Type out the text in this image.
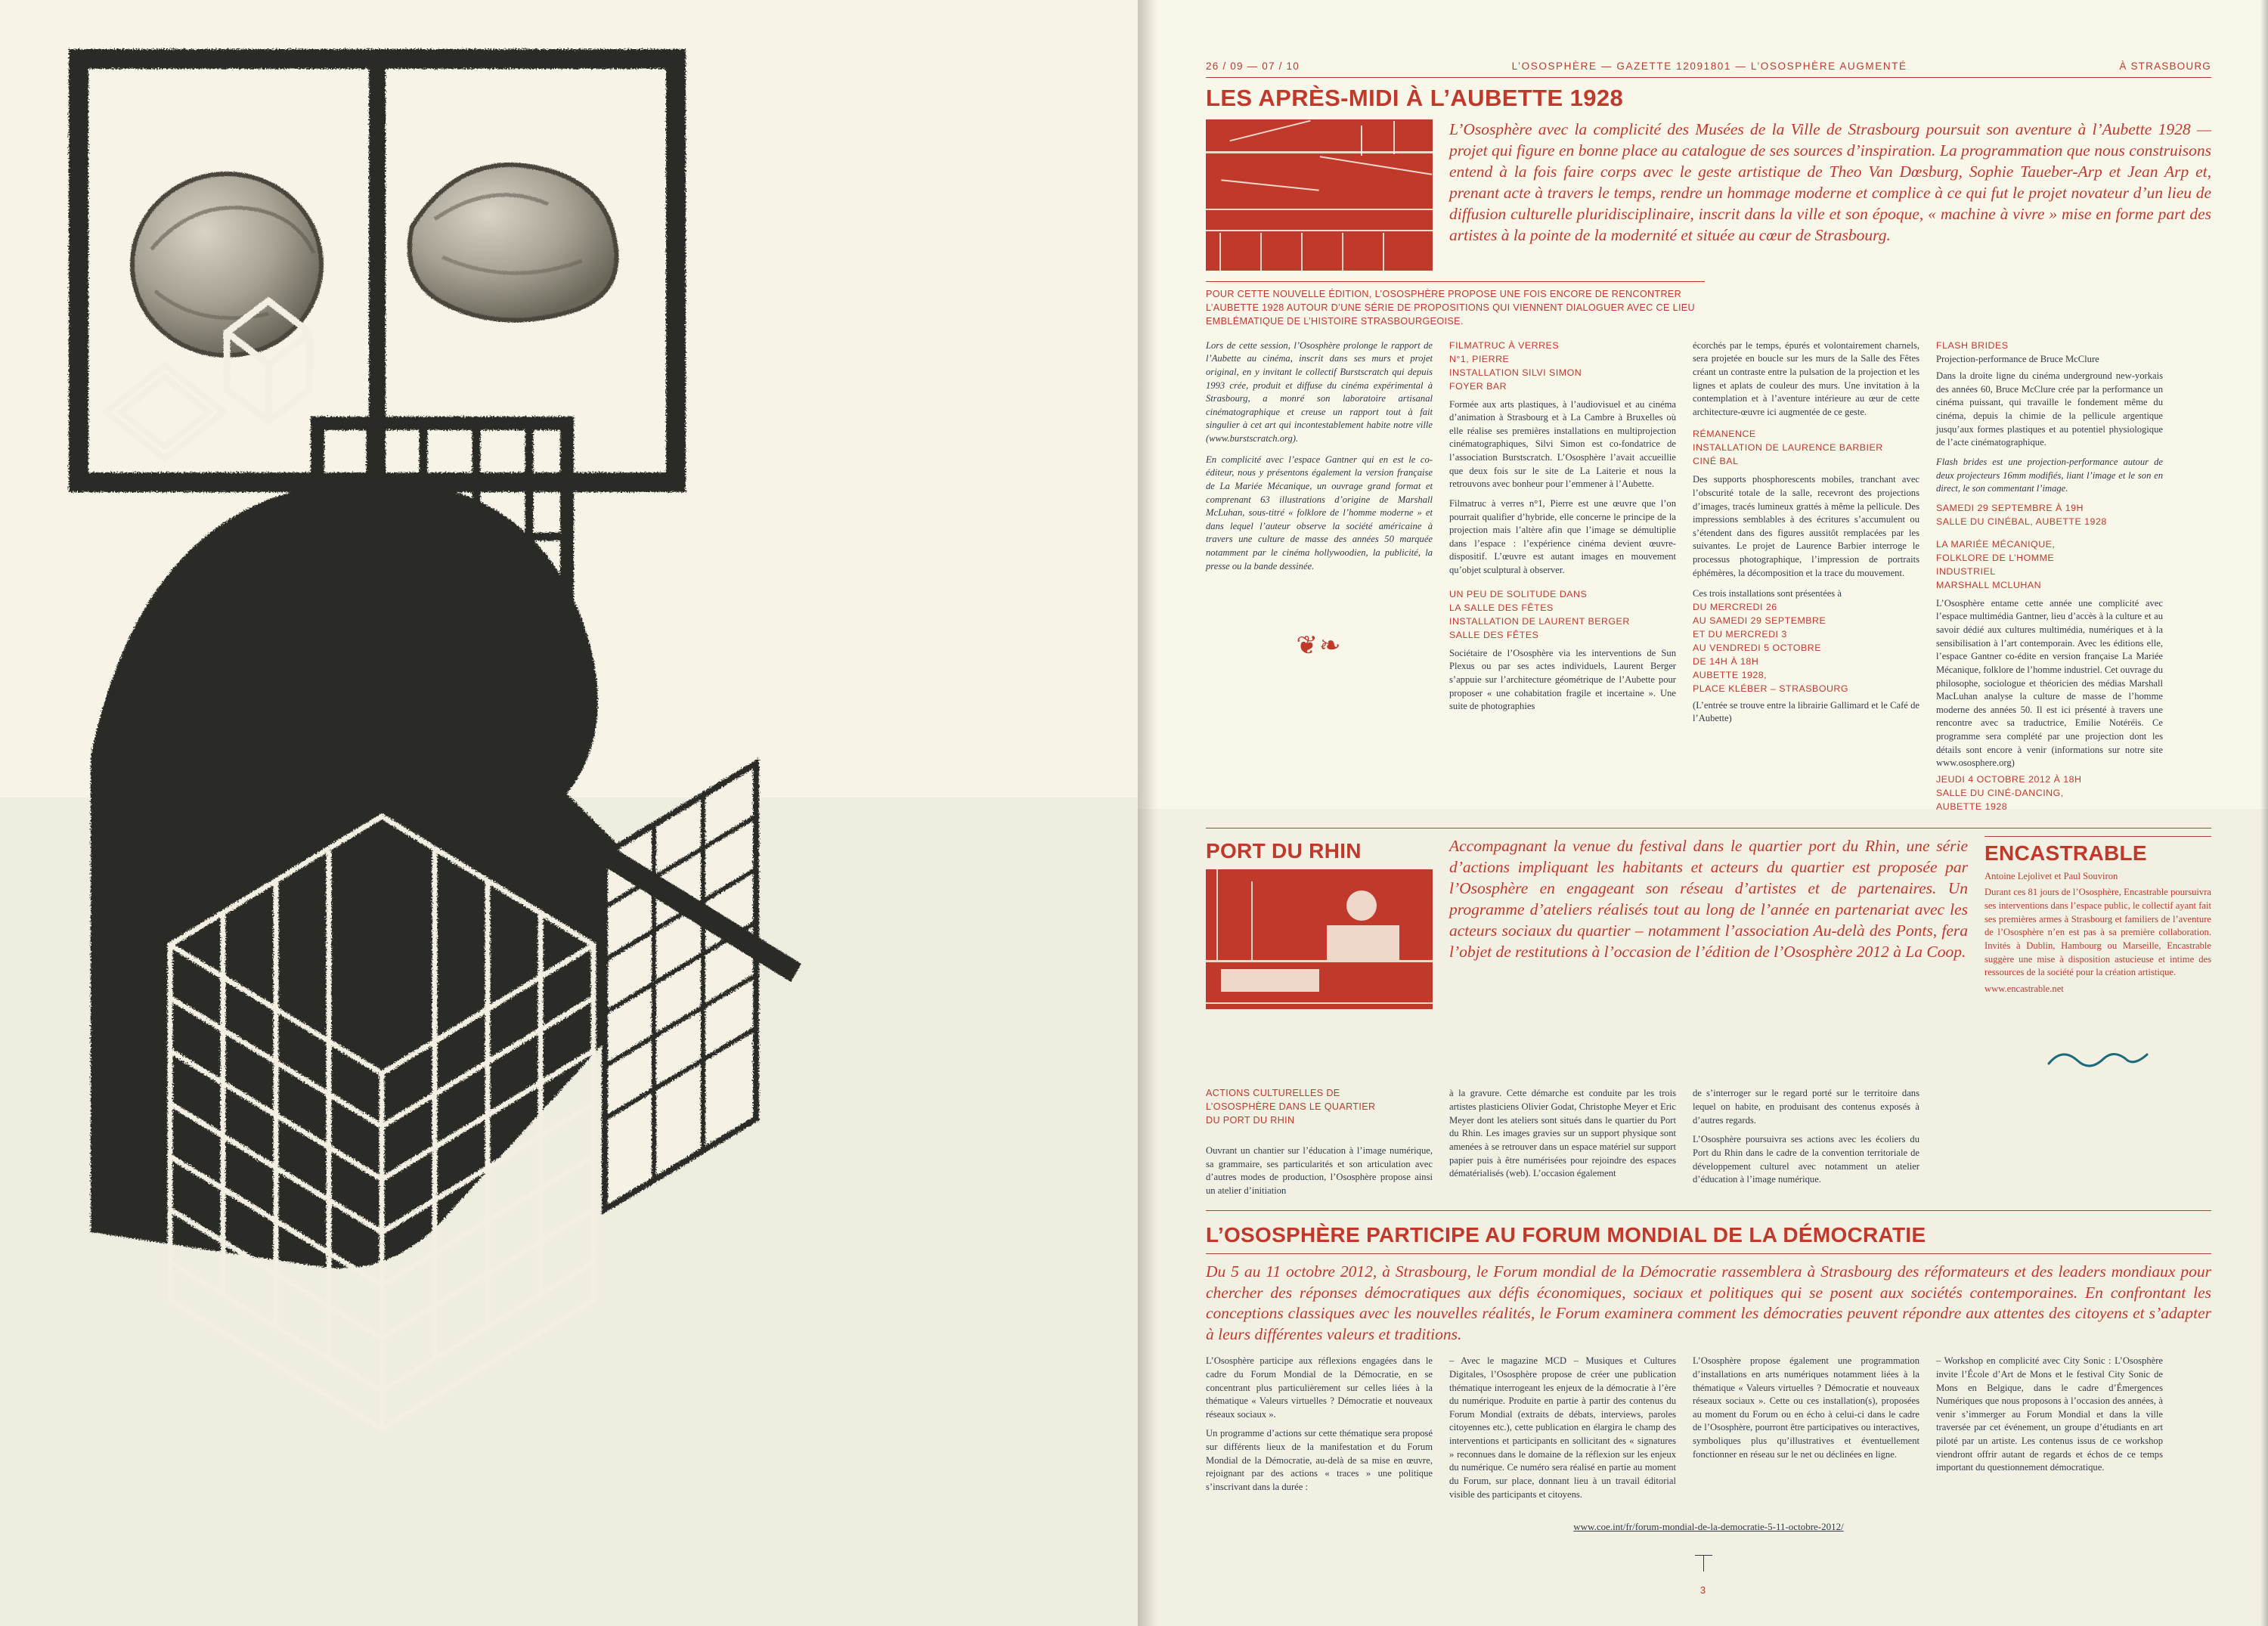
26 / 09 — 07 / 10	L’OSOSPHÈRE — GAZETTE 12091801 — L’OSOSPHÈRE AUGMENTÉ	À STRASBOURG
LES APRÈS-MIDI À L’AUBETTE 1928
L’Ososphère avec la complicité des Musées de la Ville de Strasbourg poursuit son aventure à l’Aubette 1928 — projet qui figure en bonne place au catalogue de ses sources d’inspiration. La programmation que nous construisons entend à la fois faire corps avec le geste artistique de Theo Van Dœsburg, Sophie Taueber-Arp et Jean Arp et, prenant acte à travers le temps, rendre un hommage moderne et complice à ce qui fut le projet novateur d’un lieu de diffusion culturelle pluridisciplinaire, inscrit dans la ville et son époque, « machine à vivre » mise en forme part des artistes à la pointe de la modernité et située au cœur de Strasbourg.
POUR CETTE NOUVELLE ÉDITION, L’OSOSPHÈRE PROPOSE UNE FOIS ENCORE DE RENCONTRER L’AUBETTE 1928 AUTOUR D’UNE SÉRIE DE PROPOSITIONS QUI VIENNENT DIALOGUER AVEC CE LIEU EMBLÉMATIQUE DE L’HISTOIRE STRASBOURGEOISE.
Lors de cette session, l’Ososphère prolonge le rapport de l’Aubette au cinéma, inscrit dans ses murs et projet original, en y invitant le collectif Burstscratch qui depuis 1993 crée, produit et diffuse du cinéma expérimental à Strasbourg, a monré son laboratoire artisanal cinématographique et creuse un rapport tout à fait singulier à cet art qui incontestablement habite notre ville (www.burstscratch.org).
En complicité avec l’espace Gantner qui en est le co-éditeur, nous y présentons également la version française de La Mariée Mécanique, un ouvrage grand format et comprenant 63 illustrations d’origine de Marshall McLuhan, sous-titré « folklore de l’homme moderne » et dans lequel l’auteur observe la société américaine à travers une culture de masse des années 50 marquée notamment par le cinéma hollywoodien, la publicité, la presse ou la bande dessinée.
❦❧
FILMATRUC À VERRES
N°1, PIERRE
INSTALLATION SILVI SIMON
FOYER BAR
Formée aux arts plastiques, à l’audiovisuel et au cinéma d’animation à Strasbourg et à La Cambre à Bruxelles où elle réalise ses premières installations en multiprojection cinématographiques, Silvi Simon est co-fondatrice de l’association Burstscratch. L’Ososphère l’avait accueillie que deux fois sur le site de La Laiterie et nous la retrouvons avec bonheur pour l’emmener à l’Aubette.
Filmatruc à verres n°1, Pierre est une œuvre que l’on pourrait qualifier d’hybride, elle concerne le principe de la projection mais l’altère afin que l’image se démultiplie dans l’espace : l’expérience cinéma devient œuvre-dispositif. L’œuvre est autant images en mouvement qu’objet sculptural à observer.
UN PEU DE SOLITUDE DANS
LA SALLE DES FÊTES
INSTALLATION DE LAURENT BERGER
SALLE DES FÊTES
Sociétaire de l’Ososphère via les interventions de Sun Plexus ou par ses actes individuels, Laurent Berger s’appuie sur l’architecture géométrique de l’Aubette pour proposer « une cohabitation fragile et incertaine ». Une suite de photographies
écorchés par le temps, épurés et volontairement charnels, sera projetée en boucle sur les murs de la Salle des Fêtes créant un contraste entre la pulsation de la projection et les lignes et aplats de couleur des murs. Une invitation à la contemplation et à l’aventure intérieure au œur de cette architecture-œuvre ici augmentée de ce geste.
RÉMANENCE
INSTALLATION DE LAURENCE BARBIER
CINÉ BAL
Des supports phosphorescents mobiles, tranchant avec l’obscurité totale de la salle, recevront des projections d’images, tracés lumineux grattés à même la pellicule. Des impressions semblables à des écritures s’accumulent ou s’étendent dans des figures aussitôt remplacées par les suivantes. Le projet de Laurence Barbier interroge le processus photographique, l’impression de portraits éphémères, la décomposition et la trace du mouvement.
Ces trois installations sont présentées à
DU MERCREDI 26
AU SAMEDI 29 SEPTEMBRE
ET DU MERCREDI 3
AU VENDREDI 5 OCTOBRE
DE 14H À 18H
AUBETTE 1928,
PLACE KLÉBER – STRASBOURG
(L’entrée se trouve entre la librairie Gallimard et le Café de l’Aubette)
FLASH BRIDES
Projection-performance de Bruce McClure
Dans la droite ligne du cinéma underground new-yorkais des années 60, Bruce McClure crée par la performance un cinéma puissant, qui travaille le fondement même du cinéma, depuis la chimie de la pellicule argentique jusqu’aux formes plastiques et au potentiel physiologique de l’acte cinématographique.
Flash brides est une projection-performance autour de deux projecteurs 16mm modifiés, liant l’image et le son en direct, le son commentant l’image.
SAMEDI 29 SEPTEMBRE À 19H
SALLE DU CINÉBAL, AUBETTE 1928
LA MARIÉE MÉCANIQUE,
FOLKLORE DE L’HOMME
INDUSTRIEL
MARSHALL MCLUHAN
L’Ososphère entame cette année une complicité avec l’espace multimédia Gantner, lieu d’accès à la culture et au savoir dédié aux cultures multimédia, numériques et à la sensibilisation à l’art contemporain. Avec les éditions elle, l’espace Gantner co-édite en version française La Mariée Mécanique, folklore de l’homme industriel. Cet ouvrage du philosophe, sociologue et théoricien des médias Marshall MacLuhan analyse la culture de masse de l’homme moderne des années 50. Il est ici présenté à travers une rencontre avec sa traductrice, Emilie Notéréis. Ce programme sera complété par une projection dont les détails sont encore à venir (informations sur notre site www.ososphere.org)
JEUDI 4 OCTOBRE 2012 À 18H
SALLE DU CINÉ-DANCING,
AUBETTE 1928
PORT DU RHIN	Accompagnant la venue du festival dans le quartier port du Rhin, une série d’actions impliquant les habitants et acteurs du quartier est proposée par l’Ososphère en engageant son réseau d’artistes et de partenaires. Un programme d’ateliers réalisés tout au long de l’année en partenariat avec les acteurs sociaux du quartier – notamment l’association Au-delà des Ponts, fera l’objet de restitutions à l’occasion de l’édition de l’Ososphère 2012 à La Coop.
ENCASTRABLE
Antoine Lejolivet et Paul Souviron
Durant ces 81 jours de l’Ososphère, Encastrable poursuivra ses interventions dans l’espace public, le collectif ayant fait ses premières armes à Strasbourg et familiers de l’aventure de l’Ososphère n’en est pas à sa première collaboration. Invités à Dublin, Hambourg ou Marseille, Encastrable suggère une mise à disposition astucieuse et intime des ressources de la société pour la création artistique.
www.encastrable.net
ACTIONS CULTURELLES DE
L’OSOSPHÈRE DANS LE QUARTIER
DU PORT DU RHIN
Ouvrant un chantier sur l’éducation à l’image numérique, sa grammaire, ses particularités et son articulation avec d’autres modes de production, l’Ososphère propose ainsi un atelier d’initiation
à la gravure. Cette démarche est conduite par les trois artistes plasticiens Olivier Godat, Christophe Meyer et Eric Meyer dont les ateliers sont situés dans le quartier du Port du Rhin. Les images gravies sur un support physique sont amenées à se retrouver dans un espace matériel sur support papier puis à être numérisées pour rejoindre des espaces dématérialisés (web). L’occasion également
de s’interroger sur le regard porté sur le territoire dans lequel on habite, en produisant des contenus exposés à d’autres regards.
L’Ososphère poursuivra ses actions avec les écoliers du Port du Rhin dans le cadre de la convention territoriale de développement culturel avec notamment un atelier d’éducation à l’image numérique.
L’OSOSPHÈRE PARTICIPE AU FORUM MONDIAL DE LA DÉMOCRATIE
Du 5 au 11 octobre 2012, à Strasbourg, le Forum mondial de la Démocratie rassemblera à Strasbourg des réformateurs et des leaders mondiaux pour chercher des réponses démocratiques aux défis économiques, sociaux et politiques qui se posent aux sociétés contemporaines. En confrontant les conceptions classiques avec les nouvelles réalités, le Forum examinera comment les démocraties peuvent répondre aux attentes des citoyens et s’adapter à leurs différentes valeurs et traditions.
L’Ososphère participe aux réflexions engagées dans le cadre du Forum Mondial de la Démocratie, en se concentrant plus particulièrement sur celles liées à la thématique « Valeurs virtuelles ? Démocratie et nouveaux réseaux sociaux ».
Un programme d’actions sur cette thématique sera proposé sur différents lieux de la manifestation et du Forum Mondial de la Démocratie, au-delà de sa mise en œuvre, rejoignant par des actions « traces » une politique s’inscrivant dans la durée :
– Avec le magazine MCD – Musiques et Cultures Digitales, l’Ososphère propose de créer une publication thématique interrogeant les enjeux de la démocratie à l’ère du numérique. Produite en partie à partir des contenus du Forum Mondial (extraits de débats, interviews, paroles citoyennes etc.), cette publication en élargira le champ des interventions et participants en sollicitant des « signatures » reconnues dans le domaine de la réflexion sur les enjeux du numérique. Ce numéro sera réalisé en partie au moment du Forum, sur place, donnant lieu à un travail éditorial visible des participants et citoyens.
L’Ososphère propose également une programmation d’installations en arts numériques notamment liées à la thématique « Valeurs virtuelles ? Démocratie et nouveaux réseaux sociaux ». Cette ou ces installation(s), proposées au moment du Forum ou en écho à celui-ci dans le cadre de l’Ososphère, pourront être participatives ou interactives, symboliques plus qu’illustratives et éventuellement fonctionner en réseau sur le net ou déclinées en ligne.
– Workshop en complicité avec City Sonic : L’Ososphère invite l’École d’Art de Mons et le festival City Sonic de Mons en Belgique, dans le cadre d’Émergences Numériques que nous proposons à l’occasion des années, à venir s’immerger au Forum Mondial et dans la ville traversée par cet événement, un groupe d’étudiants en art piloté par un artiste. Les contenus issus de ce workshop viendront offrir autant de regards et échos de ce temps important du questionnement démocratique.
www.coe.int/fr/forum-mondial-de-la-democratie-5-11-octobre-2012/
3
